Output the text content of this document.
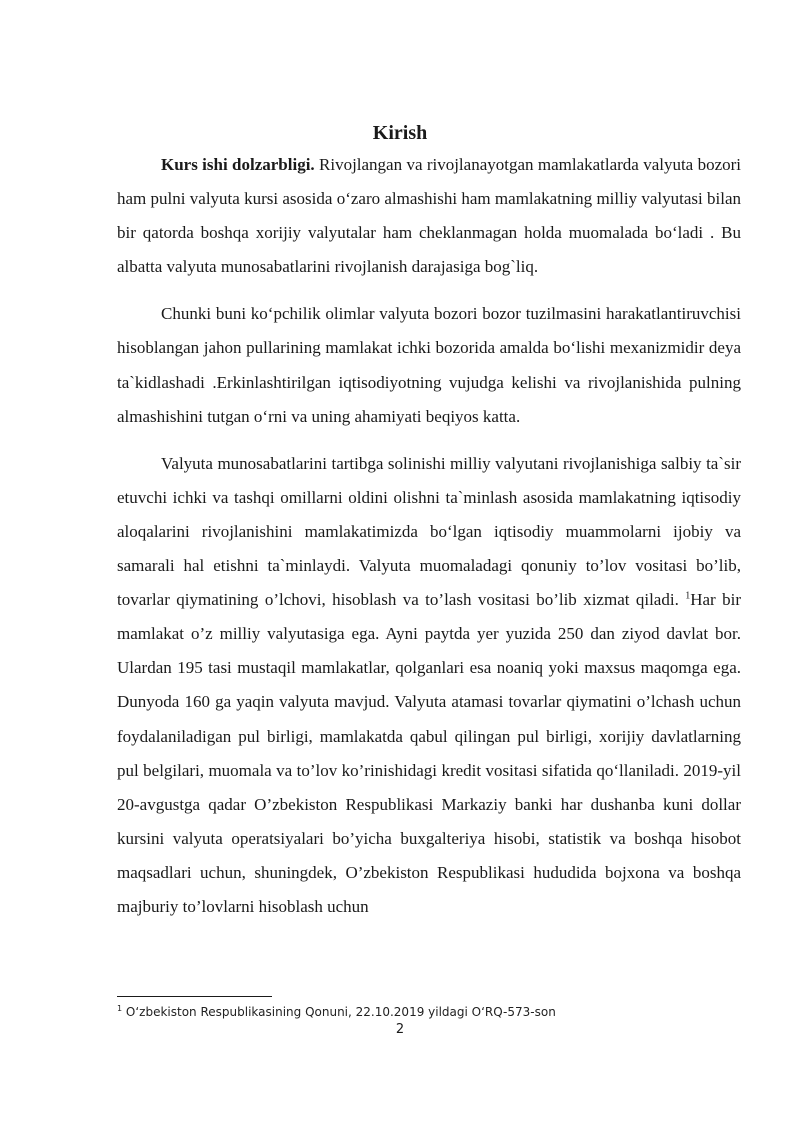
Kirish

Kurs ishi dolzarbligi. Rivojlangan va rivojlanayotgan mamlakatlarda valyuta bozori ham pulni valyuta kursi asosida o‘zaro almashishi ham mamlakatning milliy valyutasi bilan bir qatorda boshqa xorijiy valyutalar ham cheklanmagan holda muomalada bo‘ladi . Bu albatta valyuta munosabatlarini rivojlanish darajasiga bog`liq.

Chunki buni ko‘pchilik olimlar valyuta bozori bozor tuzilmasini harakatlantiruvchisi hisoblangan jahon pullarining mamlakat ichki bozorida amalda bo‘lishi mexanizmidir deya ta`kidlashadi .Erkinlashtirilgan iqtisodiyotning vujudga kelishi va rivojlanishida pulning almashishini tutgan o‘rni va uning ahamiyati beqiyos katta.

Valyuta munosabatlarini tartibga solinishi milliy valyutani rivojlanishiga salbiy ta`sir etuvchi ichki va tashqi omillarni oldini olishni ta`minlash asosida mamlakatning iqtisodiy aloqalarini rivojlanishini mamlakatimizda bo‘lgan iqtisodiy muammolarni ijobiy va samarali hal etishni ta`minlaydi. Valyuta muomaladagi qonuniy to’lov vositasi bo’lib, tovarlar qiymatining o’lchovi, hisoblash va to’lash vositasi bo’lib xizmat qiladi. $^1$Har bir mamlakat o’z milliy valyutasiga ega. Ayni paytda yer yuzida 250 dan ziyod davlat bor. Ulardan 195 tasi mustaqil mamlakatlar, qolganlari esa noaniq yoki maxsus maqomga ega. Dunyoda 160 ga yaqin valyuta mavjud. Valyuta atamasi tovarlar qiymatini o’lchash uchun foydalaniladigan pul birligi, mamlakatda qabul qilingan pul birligi, xorijiy davlatlarning pul belgilari, muomala va to’lov ko’rinishidagi kredit vositasi sifatida qo‘llaniladi. 2019-yil 20-avgustga qadar O’zbekiston Respublikasi Markaziy banki har dushanba kuni dollar kursini valyuta operatsiyalari bo’yicha buxgalteriya hisobi, statistik va boshqa hisobot maqsadlari uchun, shuningdek, O’zbekiston Respublikasi hududida bojxona va boshqa majburiy to’lovlarni hisoblash uchun

$^1$ O‘zbekiston Respublikasining Qonuni, 22.10.2019 yildagi O‘RQ-573-son
2
